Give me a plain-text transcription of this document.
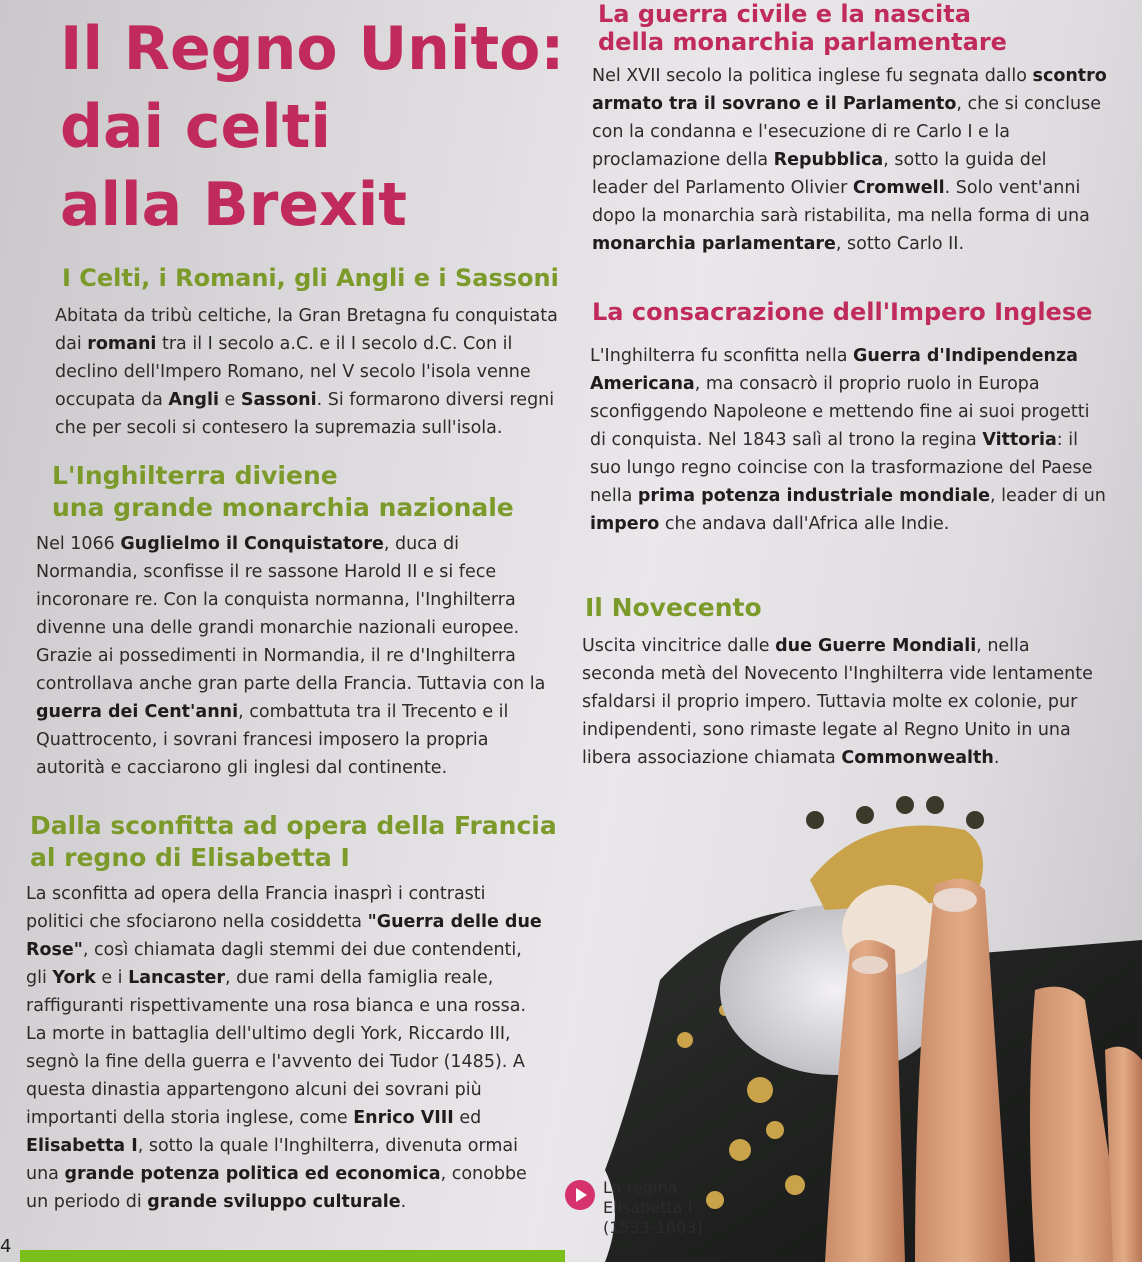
Il Regno Unito:
dai celti
alla Brexit
I Celti, i Romani, gli Angli e i Sassoni

Abitata da tribù celtiche, la Gran Bretagna fu conquistata dai romani tra il I secolo a.C. e il I secolo d.C. Con il declino dell'Impero Romano, nel V secolo l'isola venne occupata da Angli e Sassoni. Si formarono diversi regni che per secoli si contesero la supremazia sull'isola.

L'Inghilterra diviene
una grande monarchia nazionale

Nel 1066 Guglielmo il Conquistatore, duca di Normandia, sconfisse il re sassone Harold II e si fece incoronare re. Con la conquista normanna, l'Inghilterra divenne una delle grandi monarchie nazionali europee. Grazie ai possedimenti in Normandia, il re d'Inghilterra controllava anche gran parte della Francia. Tuttavia con la guerra dei Cent'anni, combattuta tra il Trecento e il Quattrocento, i sovrani francesi imposero la propria autorità e cacciarono gli inglesi dal continente.

Dalla sconfitta ad opera della Francia
al regno di Elisabetta I

La sconfitta ad opera della Francia inasprì i contrasti politici che sfociarono nella cosiddetta "Guerra delle due Rose", così chiamata dagli stemmi dei due contendenti, gli York e i Lancaster, due rami della famiglia reale, raffiguranti rispettivamente una rosa bianca e una rossa. La morte in battaglia dell'ultimo degli York, Riccardo III, segnò la fine della guerra e l'avvento dei Tudor (1485). A questa dinastia appartengono alcuni dei sovrani più importanti della storia inglese, come Enrico VIII ed Elisabetta I, sotto la quale l'Inghilterra, divenuta ormai una grande potenza politica ed economica, conobbe un periodo di grande sviluppo culturale.

La guerra civile e la nascita
della monarchia parlamentare

Nel XVII secolo la politica inglese fu segnata dallo scontro armato tra il sovrano e il Parlamento, che si concluse con la condanna e l'esecuzione di re Carlo I e la proclamazione della Repubblica, sotto la guida del leader del Parlamento Olivier Cromwell. Solo vent'anni dopo la monarchia sarà ristabilita, ma nella forma di una monarchia parlamentare, sotto Carlo II.

La consacrazione dell'Impero Inglese

L'Inghilterra fu sconfitta nella Guerra d'Indipendenza Americana, ma consacrò il proprio ruolo in Europa sconfiggendo Napoleone e mettendo fine ai suoi progetti di conquista. Nel 1843 salì al trono la regina Vittoria: il suo lungo regno coincise con la trasformazione del Paese nella prima potenza industriale mondiale, leader di un impero che andava dall'Africa alle Indie.

Il Novecento

Uscita vincitrice dalle due Guerre Mondiali, nella seconda metà del Novecento l'Inghilterra vide lentamente sfaldarsi il proprio impero. Tuttavia molte ex colonie, pur indipendenti, sono rimaste legate al Regno Unito in una libera associazione chiamata Commonwealth.

La regina
Elisabetta I
(1533-1603)
4
